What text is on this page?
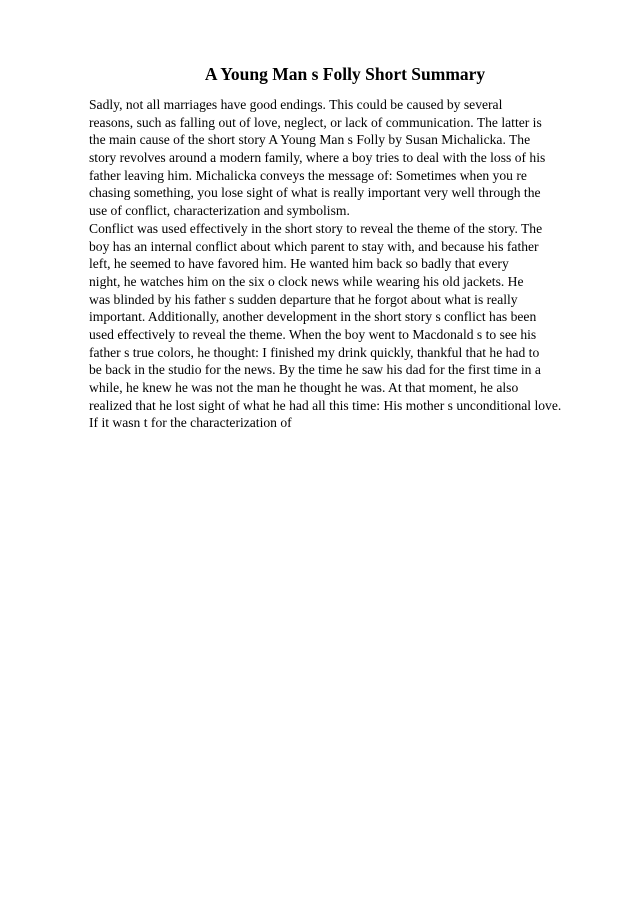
A Young Man s Folly Short Summary
Sadly, not all marriages have good endings. This could be caused by several
reasons, such as falling out of love, neglect, or lack of communication. The latter is
the main cause of the short story A Young Man s Folly by Susan Michalicka. The
story revolves around a modern family, where a boy tries to deal with the loss of his
father leaving him. Michalicka conveys the message of: Sometimes when you re
chasing something, you lose sight of what is really important very well through the
use of conflict, characterization and symbolism.
Conflict was used effectively in the short story to reveal the theme of the story. The
boy has an internal conflict about which parent to stay with, and because his father
left, he seemed to have favored him. He wanted him back so badly that every
night, he watches him on the six o clock news while wearing his old jackets. He
was blinded by his father s sudden departure that he forgot about what is really
important. Additionally, another development in the short story s conflict has been
used effectively to reveal the theme. When the boy went to Macdonald s to see his
father s true colors, he thought: I finished my drink quickly, thankful that he had to
be back in the studio for the news. By the time he saw his dad for the first time in a
while, he knew he was not the man he thought he was. At that moment, he also
realized that he lost sight of what he had all this time: His mother s unconditional love.
If it wasn t for the characterization of
